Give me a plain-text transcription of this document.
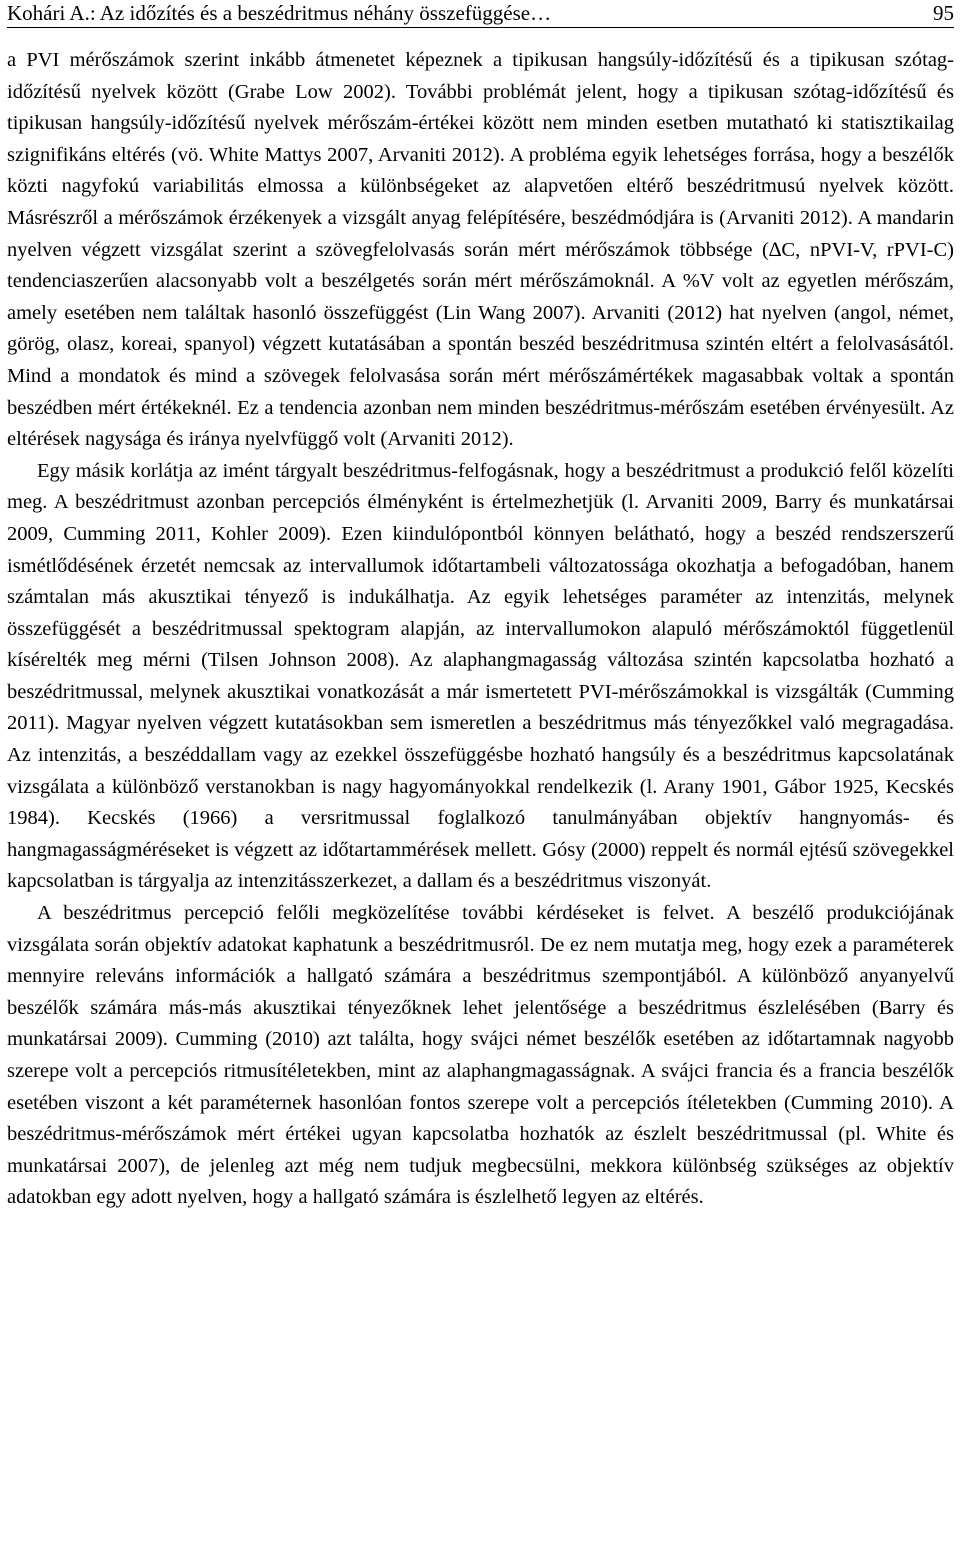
Kohári A.: Az időzítés és a beszédritmus néhány összefüggése…	95

a PVI mérőszámok szerint inkább átmenetet képeznek a tipikusan hangsúly-időzítésű és a tipikusan szótag-időzítésű nyelvek között (Grabe Low 2002). További problémát jelent, hogy a tipikusan szótag-időzítésű és tipikusan hangsúly-időzítésű nyelvek mérőszám-értékei között nem minden esetben mutatható ki statisztikailag szignifikáns eltérés (vö. White Mattys 2007, Arvaniti 2012). A probléma egyik lehetséges forrása, hogy a beszélők közti nagyfokú variabilitás elmossa a különbségeket az alapvetően eltérő beszédritmusú nyelvek között. Másrészről a mérőszámok érzékenyek a vizsgált anyag felépítésére, beszédmódjára is (Arvaniti 2012). A mandarin nyelven végzett vizsgálat szerint a szövegfelolvasás során mért mérőszámok többsége (∆C, nPVI-V, rPVI-C) tendenciaszerűen alacsonyabb volt a beszélgetés során mért mérőszámoknál. A %V volt az egyetlen mérőszám, amely esetében nem találtak hasonló összefüggést (Lin Wang 2007). Arvaniti (2012) hat nyelven (angol, német, görög, olasz, koreai, spanyol) végzett kutatásában a spontán beszéd beszédritmusa szintén eltért a felolvasásától. Mind a mondatok és mind a szövegek felolvasása során mért mérőszámértékek magasabbak voltak a spontán beszédben mért értékeknél. Ez a tendencia azonban nem minden beszédritmus-mérőszám esetében érvényesült. Az eltérések nagysága és iránya nyelvfüggő volt (Arvaniti 2012).

Egy másik korlátja az imént tárgyalt beszédritmus-felfogásnak, hogy a beszédritmust a produkció felől közelíti meg. A beszédritmust azonban percepciós élményként is értelmezhetjük (l. Arvaniti 2009, Barry és munkatársai 2009, Cumming 2011, Kohler 2009). Ezen kiindulópontból könnyen belátható, hogy a beszéd rendszerszerű ismétlődésének érzetét nemcsak az intervallumok időtartambeli változatossága okozhatja a befogadóban, hanem számtalan más akusztikai tényező is indukálhatja. Az egyik lehetséges paraméter az intenzitás, melynek összefüggését a beszédritmussal spektogram alapján, az intervallumokon alapuló mérőszámoktól függetlenül kísérelték meg mérni (Tilsen Johnson 2008). Az alaphangmagasság változása szintén kapcsolatba hozható a beszédritmussal, melynek akusztikai vonatkozását a már ismertetett PVI-mérőszámokkal is vizsgálták (Cumming 2011). Magyar nyelven végzett kutatásokban sem ismeretlen a beszédritmus más tényezőkkel való megragadása. Az intenzitás, a beszéddallam vagy az ezekkel összefüggésbe hozható hangsúly és a beszédritmus kapcsolatának vizsgálata a különböző verstanokban is nagy hagyományokkal rendelkezik (l. Arany 1901, Gábor 1925, Kecskés 1984). Kecskés (1966) a versritmussal foglalkozó tanulmányában objektív hangnyomás- és hangmagasságméréseket is végzett az időtartammérések mellett. Gósy (2000) reppelt és normál ejtésű szövegekkel kapcsolatban is tárgyalja az intenzitásszerkezet, a dallam és a beszédritmus viszonyát.

A beszédritmus percepció felőli megközelítése további kérdéseket is felvet. A beszélő produkciójának vizsgálata során objektív adatokat kaphatunk a beszédritmusról. De ez nem mutatja meg, hogy ezek a paraméterek mennyire releváns információk a hallgató számára a beszédritmus szempontjából. A különböző anyanyelvű beszélők számára más-más akusztikai tényezőknek lehet jelentősége a beszédritmus észlelésében (Barry és munkatársai 2009). Cumming (2010) azt találta, hogy svájci német beszélők esetében az időtartamnak nagyobb szerepe volt a percepciós ritmusítéletekben, mint az alaphangmagasságnak. A svájci francia és a francia beszélők esetében viszont a két paraméternek hasonlóan fontos szerepe volt a percepciós ítéletekben (Cumming 2010). A beszédritmus-mérőszámok mért értékei ugyan kapcsolatba hozhatók az észlelt beszédritmussal (pl. White és munkatársai 2007), de jelenleg azt még nem tudjuk megbecsülni, mekkora különbség szükséges az objektív adatokban egy adott nyelven, hogy a hallgató számára is észlelhető legyen az eltérés.
